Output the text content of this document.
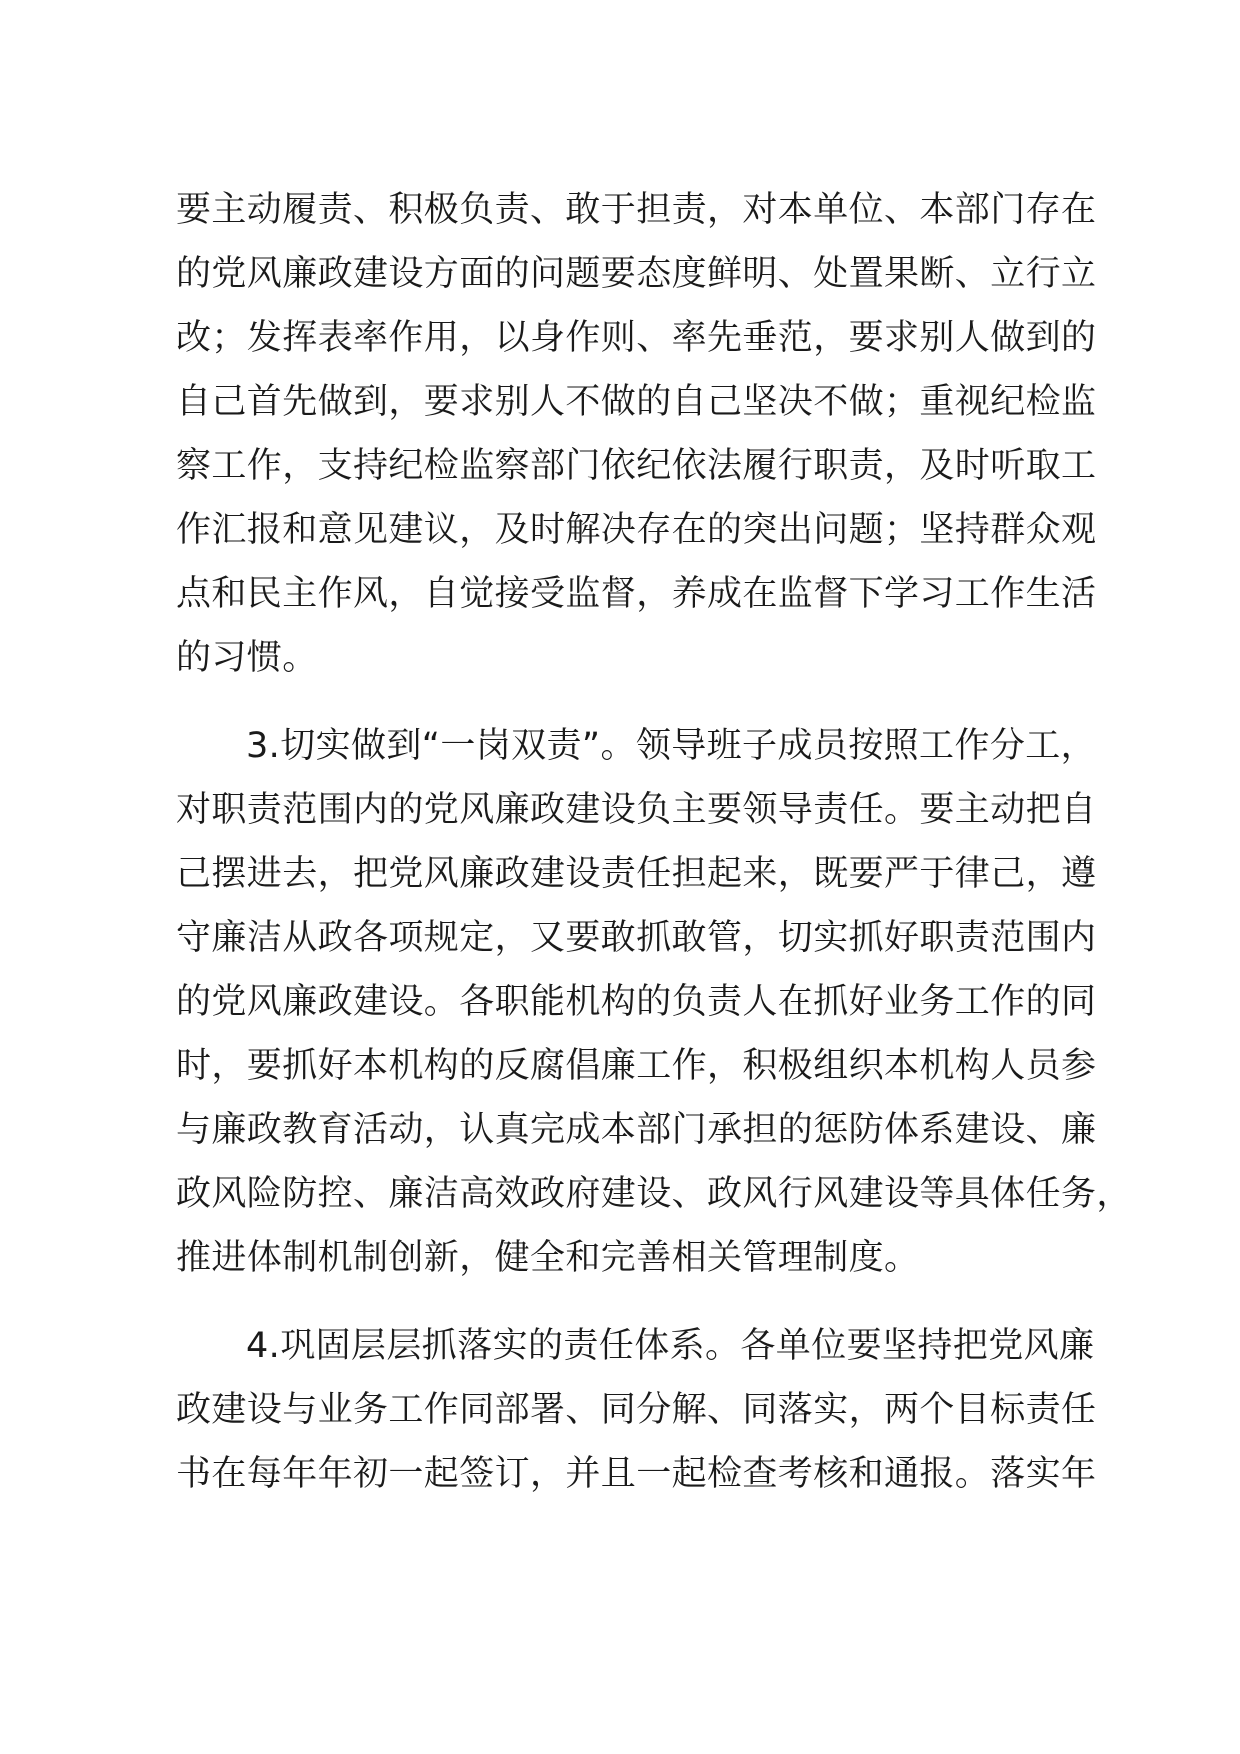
要主动履责、积极负责、敢于担责，对本单位、本部门存在
的党风廉政建设方面的问题要态度鲜明、处置果断、立行立
改；发挥表率作用，以身作则、率先垂范，要求别人做到的
自己首先做到，要求别人不做的自己坚决不做；重视纪检监
察工作，支持纪检监察部门依纪依法履行职责，及时听取工
作汇报和意见建议，及时解决存在的突出问题；坚持群众观
点和民主作风，自觉接受监督，养成在监督下学习工作生活
的习惯。
3.切实做到“一岗双责”。领导班子成员按照工作分工，
对职责范围内的党风廉政建设负主要领导责任。要主动把自
己摆进去，把党风廉政建设责任担起来，既要严于律己，遵
守廉洁从政各项规定，又要敢抓敢管，切实抓好职责范围内
的党风廉政建设。各职能机构的负责人在抓好业务工作的同
时，要抓好本机构的反腐倡廉工作，积极组织本机构人员参
与廉政教育活动，认真完成本部门承担的惩防体系建设、廉
政风险防控、廉洁高效政府建设、政风行风建设等具体任务，
推进体制机制创新，健全和完善相关管理制度。
4.巩固层层抓落实的责任体系。各单位要坚持把党风廉
政建设与业务工作同部署、同分解、同落实，两个目标责任
书在每年年初一起签订，并且一起检查考核和通报。落实年
